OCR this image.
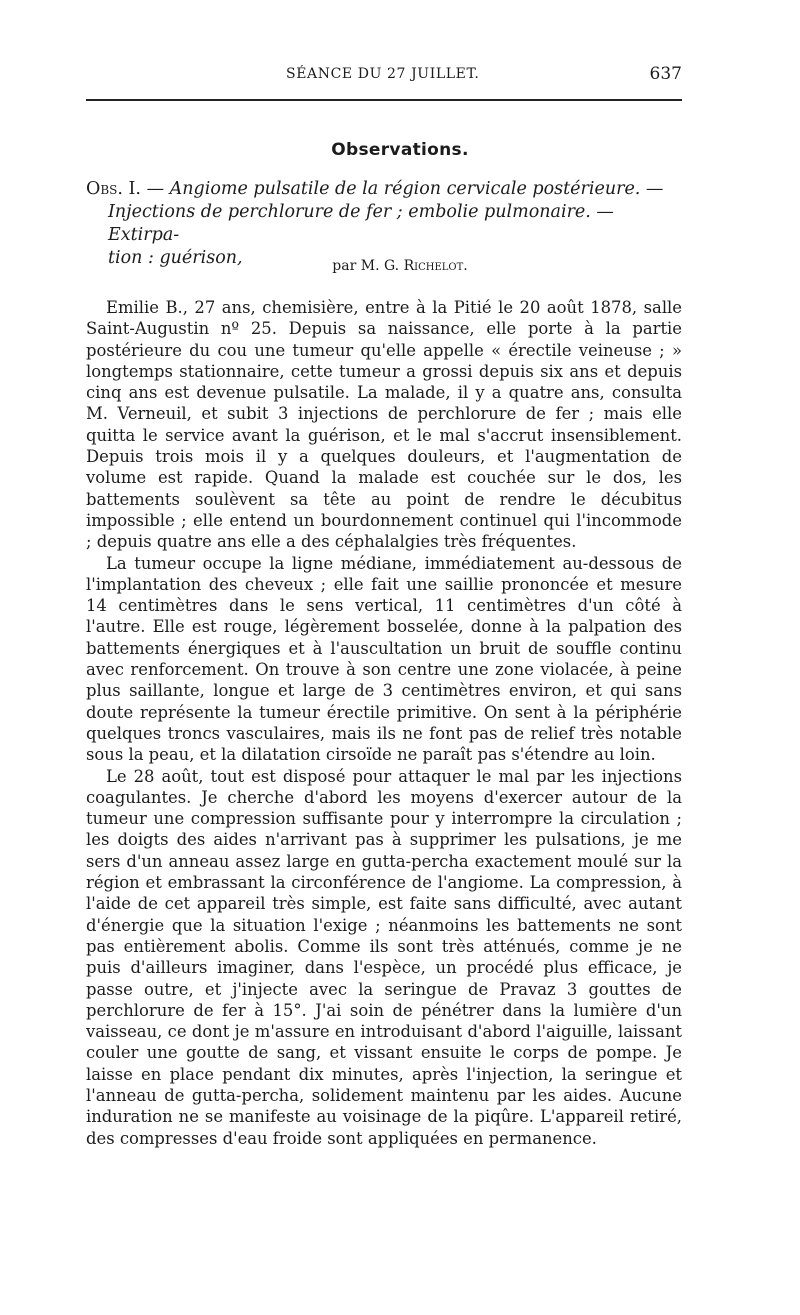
SÉANCE DU 27 JUILLET.	637
Observations.
Obs. I. — Angiome pulsatile de la région cervicale postérieure. —
Injections de perchlorure de fer ; embolie pulmonaire. — Extirpa-
tion : guérison,	par M. G. Richelot.

Emilie B., 27 ans, chemisière, entre à la Pitié le 20 août 1878, salle Saint-Augustin nº 25. Depuis sa naissance, elle porte à la partie postérieure du cou une tumeur qu'elle appelle « érectile veineuse ; » longtemps stationnaire, cette tumeur a grossi depuis six ans et depuis cinq ans est devenue pulsatile. La malade, il y a quatre ans, consulta M. Verneuil, et subit 3 injections de perchlorure de fer ; mais elle quitta le service avant la guérison, et le mal s'accrut insensiblement. Depuis trois mois il y a quelques douleurs, et l'augmentation de volume est rapide. Quand la malade est couchée sur le dos, les battements soulèvent sa tête au point de rendre le décubitus impossible ; elle entend un bourdonnement continuel qui l'incommode ; depuis quatre ans elle a des céphalalgies très fréquentes.

La tumeur occupe la ligne médiane, immédiatement au-dessous de l'implantation des cheveux ; elle fait une saillie prononcée et mesure 14 centimètres dans le sens vertical, 11 centimètres d'un côté à l'autre. Elle est rouge, légèrement bosselée, donne à la palpation des battements énergiques et à l'auscultation un bruit de souffle continu avec renforcement. On trouve à son centre une zone violacée, à peine plus saillante, longue et large de 3 centimètres environ, et qui sans doute représente la tumeur érectile primitive. On sent à la périphérie quelques troncs vasculaires, mais ils ne font pas de relief très notable sous la peau, et la dilatation cirsoïde ne paraît pas s'étendre au loin.

Le 28 août, tout est disposé pour attaquer le mal par les injections coagulantes. Je cherche d'abord les moyens d'exercer autour de la tumeur une compression suffisante pour y interrompre la circulation ; les doigts des aides n'arrivant pas à supprimer les pulsations, je me sers d'un anneau assez large en gutta-percha exactement moulé sur la région et embrassant la circonférence de l'angiome. La compression, à l'aide de cet appareil très simple, est faite sans difficulté, avec autant d'énergie que la situation l'exige ; néanmoins les battements ne sont pas entièrement abolis. Comme ils sont très atténués, comme je ne puis d'ailleurs imaginer, dans l'espèce, un procédé plus efficace, je passe outre, et j'injecte avec la seringue de Pravaz 3 gouttes de perchlorure de fer à 15°. J'ai soin de pénétrer dans la lumière d'un vaisseau, ce dont je m'assure en introduisant d'abord l'aiguille, laissant couler une goutte de sang, et vissant ensuite le corps de pompe. Je laisse en place pendant dix minutes, après l'injection, la seringue et l'anneau de gutta-percha, solidement maintenu par les aides. Aucune induration ne se manifeste au voisinage de la piqûre. L'appareil retiré, des compresses d'eau froide sont appliquées en permanence.
